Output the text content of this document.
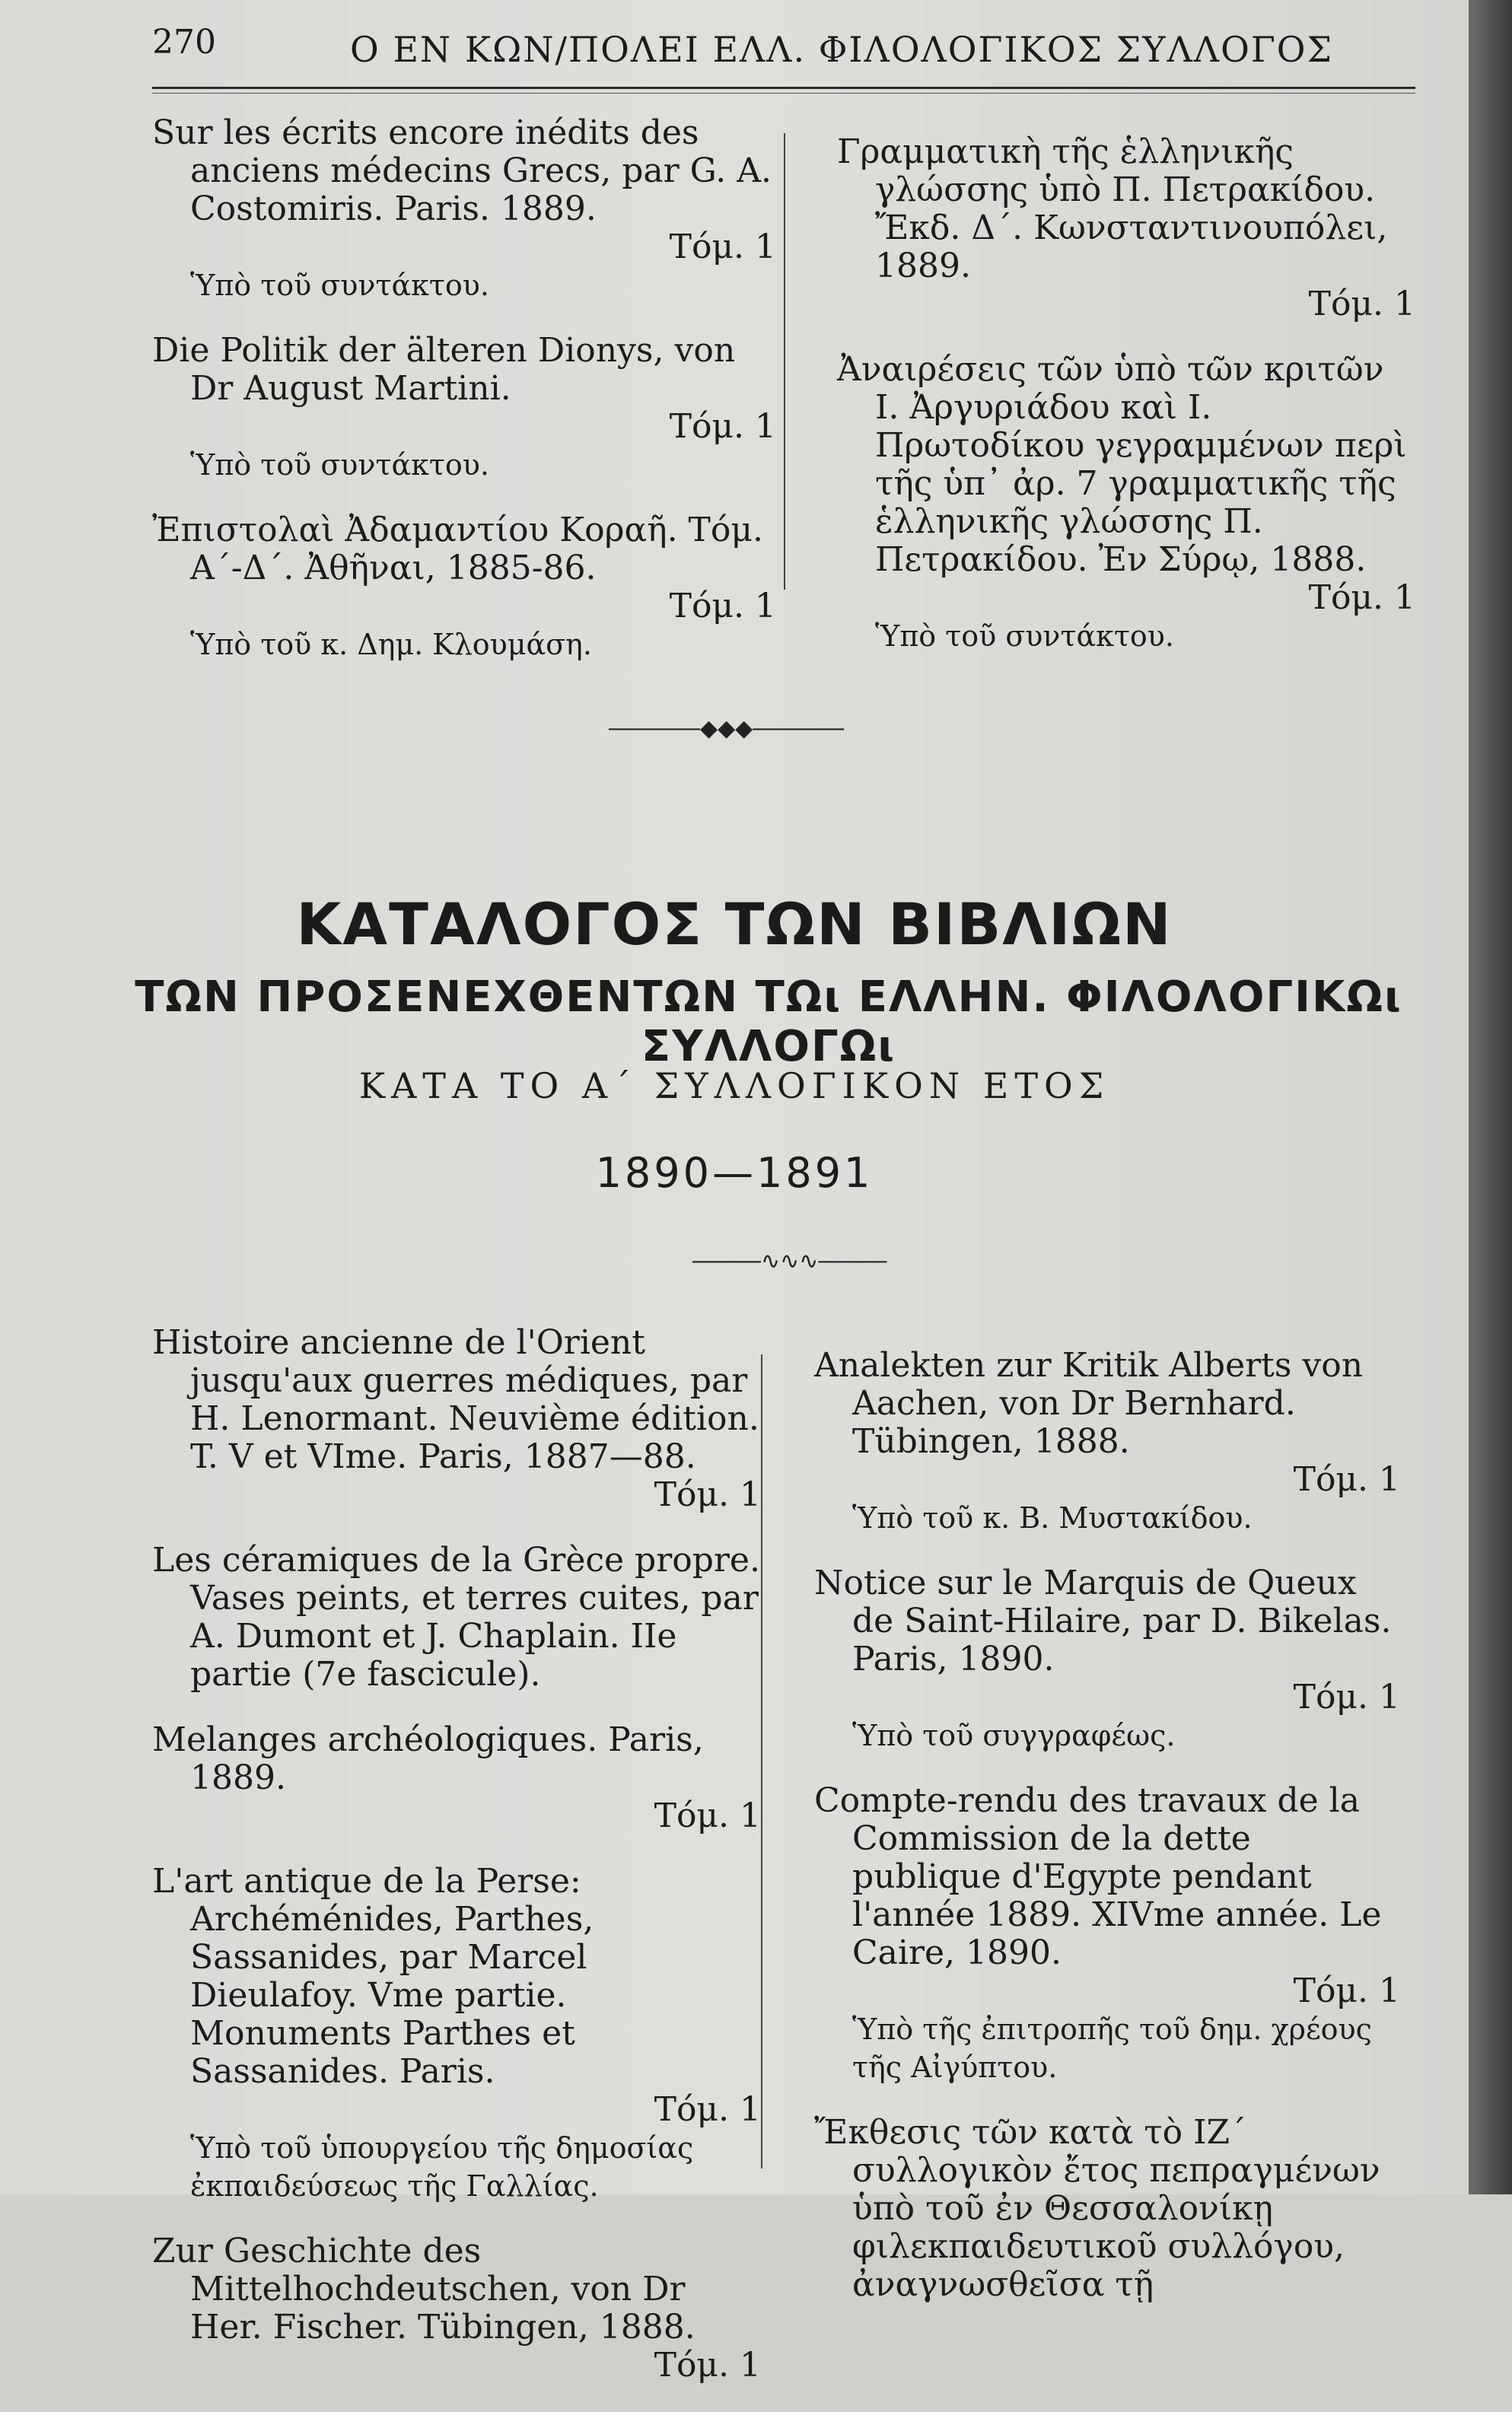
270	Ο ΕΝ ΚΩΝ/ΠΟΛΕΙ ΕΛΛ. ΦΙΛΟΛΟΓΙΚΟΣ ΣΥΛΛΟΓΟΣ
Sur les écrits encore inédits des anciens médecins Grecs, par G. A. Costomiris. Paris. 1889.
Τόμ. 1
Ὑπὸ τοῦ συντάκτου.
Die Politik der älteren Dionys, von Dr August Martini.
Τόμ. 1
Ὑπὸ τοῦ συντάκτου.
Ἐπιστολαὶ Ἀδαμαντίου Κοραῆ. Τόμ. Α΄-Δ΄. Ἀθῆναι, 1885-86.
Τόμ. 1
Ὑπὸ τοῦ κ. Δημ. Κλουμάση.
Γραμματικὴ τῆς ἑλληνικῆς γλώσσης ὑπὸ Π. Πετρακίδου. Ἔκδ. Δ΄. Κωνσταντινουπόλει, 1889.
Τόμ. 1
Ἀναιρέσεις τῶν ὑπὸ τῶν κριτῶν Ι. Ἀργυριάδου καὶ Ι. Πρωτοδίκου γεγραμμένων περὶ τῆς ὑπ᾽ ἀρ. 7 γραμματικῆς τῆς ἑλληνικῆς γλώσσης Π. Πετρακίδου. Ἐν Σύρῳ, 1888.
Τόμ. 1
Ὑπὸ τοῦ συντάκτου.
――――◆◆◆――――
ΚΑΤΑΛΟΓΟΣ ΤΩΝ ΒΙΒΛΙΩΝ
ΤΩΝ ΠΡΟΣΕΝΕΧΘΕΝΤΩΝ ΤΩι ΕΛΛΗΝ. ΦΙΛΟΛΟΓΙΚΩι ΣΥΛΛΟΓΩι
ΚΑΤΑ ΤΟ Α΄ ΣΥΛΛΟΓΙΚΟΝ ΕΤΟΣ
1890—1891
―――∿∿∿―――
Histoire ancienne de l'Orient jusqu'aux guerres médiques, par H. Lenormant. Neuvième édition. T. V et VIme. Paris, 1887—88.
Τόμ. 1
Les céramiques de la Grèce propre. Vases peints, et terres cuites, par A. Dumont et J. Chaplain. IIe partie (7e fascicule).
Melanges archéologiques. Paris, 1889.
Τόμ. 1
L'art antique de la Perse: Archéménides, Parthes, Sassanides, par Marcel Dieulafoy. Vme partie. Monuments Parthes et Sassanides. Paris.
Τόμ. 1
Ὑπὸ τοῦ ὑπουργείου τῆς δημοσίας ἐκπαιδεύσεως τῆς Γαλλίας.
Zur Geschichte des Mittelhochdeutschen, von Dr Her. Fischer. Tübingen, 1888.
Τόμ. 1
Analekten zur Kritik Alberts von Aachen, von Dr Bernhard. Tübingen, 1888.
Τόμ. 1
Ὑπὸ τοῦ κ. Β. Μυστακίδου.
Notice sur le Marquis de Queux de Saint-Hilaire, par D. Bikelas. Paris, 1890.
Τόμ. 1
Ὑπὸ τοῦ συγγραφέως.
Compte-rendu des travaux de la Commission de la dette publique d'Egypte pendant l'année 1889. XIVme année. Le Caire, 1890.
Τόμ. 1
Ὑπὸ τῆς ἐπιτροπῆς τοῦ δημ. χρέους τῆς Αἰγύπτου.
Ἔκθεσις τῶν κατὰ τὸ ΙΖ΄ συλλογικὸν ἔτος πεπραγμένων ὑπὸ τοῦ ἐν Θεσσαλονίκῃ φιλεκπαιδευτικοῦ συλλόγου, ἀναγνωσθεῖσα τῇ
